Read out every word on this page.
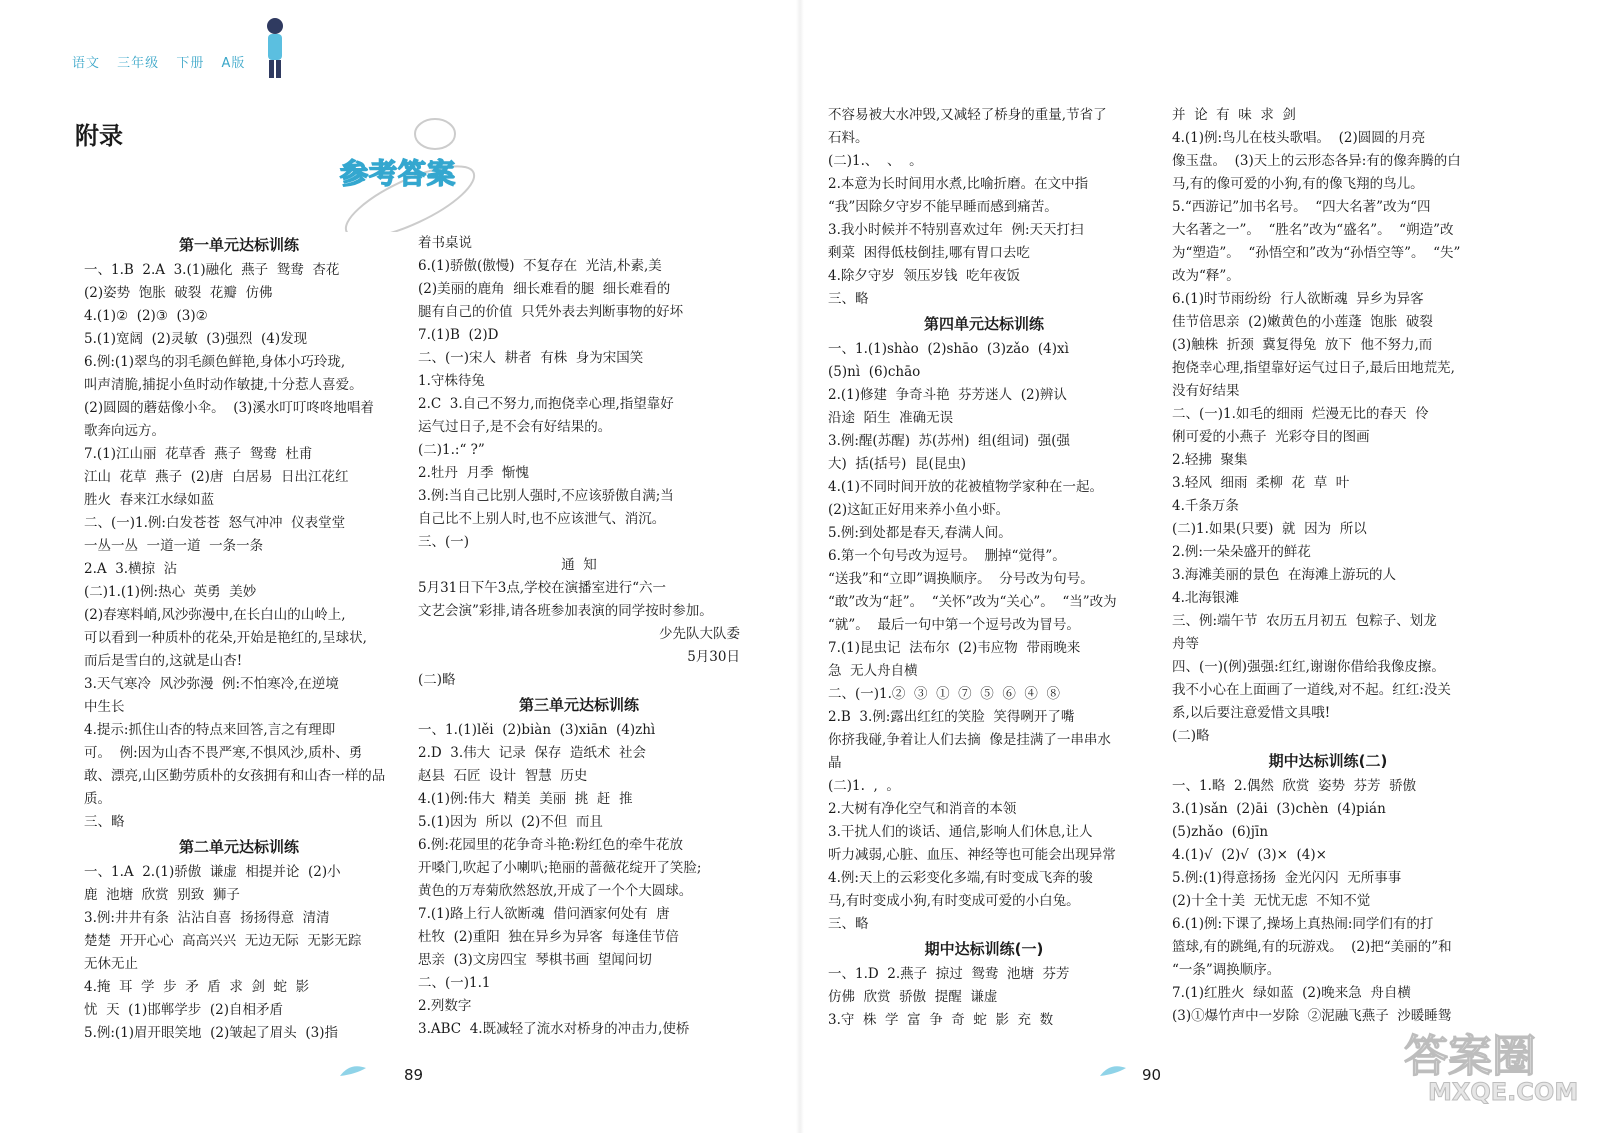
语文 三年级 下册 A版
附录
参考答案
第一单元达标训练

一、1.B  2.A  3.(1)融化  燕子  鸳鸯  杏花

(2)姿势  饱胀  破裂  花瓣  仿佛

4.(1)②  (2)③  (3)②

5.(1)宽阔  (2)灵敏  (3)强烈  (4)发现

6.例:(1)翠鸟的羽毛颜色鲜艳,身体小巧玲珑,

叫声清脆,捕捉小鱼时动作敏捷,十分惹人喜爱。

(2)圆圆的蘑菇像小伞。  (3)溪水叮叮咚咚地唱着

歌奔向远方。

7.(1)江山丽  花草香  燕子  鸳鸯  杜甫

江山  花草  燕子  (2)唐  白居易  日出江花红

胜火  春来江水绿如蓝

二、(一)1.例:白发苍苍  怒气冲冲  仪表堂堂

一丛一丛  一道一道  一条一条

2.A  3.横掠  沾

(二)1.(1)例:热心  英勇  美妙

(2)春寒料峭,风沙弥漫中,在长白山的山岭上,

可以看到一种质朴的花朵,开始是艳红的,呈球状,

而后是雪白的,这就是山杏!

3.天气寒冷  风沙弥漫  例:不怕寒冷,在逆境

中生长

4.提示:抓住山杏的特点来回答,言之有理即

可。  例:因为山杏不畏严寒,不惧风沙,质朴、勇

敢、漂亮,山区勤劳质朴的女孩拥有和山杏一样的品

质。

三、略

第二单元达标训练

一、1.A  2.(1)骄傲  谦虚  相提并论  (2)小

鹿  池塘  欣赏  别致  狮子

3.例:井井有条  沾沾自喜  扬扬得意  清清

楚楚  开开心心  高高兴兴  无边无际  无影无踪

无休无止

4.掩  耳  学  步  矛  盾  求  剑  蛇  影

忧  天  (1)邯郸学步  (2)自相矛盾

5.例:(1)眉开眼笑地  (2)皱起了眉头  (3)指

着书桌说

6.(1)骄傲(傲慢)  不复存在  光洁,朴素,美

(2)美丽的鹿角  细长难看的腿  细长难看的

腿有自己的价值  只凭外表去判断事物的好坏

7.(1)B  (2)D

二、(一)宋人  耕者  有株  身为宋国笑

1.守株待兔

2.C  3.自己不努力,而抱侥幸心理,指望靠好

运气过日子,是不会有好结果的。

(二)1.:“ ?”

2.牡丹  月季  惭愧

3.例:当自己比别人强时,不应该骄傲自满;当

自己比不上别人时,也不应该泄气、消沉。

三、(一)

通  知

5月31日下午3点,学校在演播室进行“六一

文艺会演”彩排,请各班参加表演的同学按时参加。

少先队大队委

5月30日

(二)略

第三单元达标训练

一、1.(1)lěi  (2)biàn  (3)xiān  (4)zhì

2.D  3.伟大  记录  保存  造纸术  社会

赵县  石匠  设计  智慧  历史

4.(1)例:伟大  精美  美丽  挑  赶  推

5.(1)因为  所以  (2)不但  而且

6.例:花园里的花争奇斗艳:粉红色的牵牛花放

开嗓门,吹起了小喇叭;艳丽的蔷薇花绽开了笑脸;

黄色的万寿菊欣然怒放,开成了一个个大圆球。

7.(1)路上行人欲断魂  借问酒家何处有  唐

杜牧  (2)重阳  独在异乡为异客  每逢佳节倍

思亲  (3)文房四宝  琴棋书画  望闻问切

二、(一)1.1

2.列数字

3.ABC  4.既减轻了流水对桥身的冲击力,使桥

89

不容易被大水冲毁,又减轻了桥身的重量,节省了

石料。

(二)1.、  、  。

2.本意为长时间用水煮,比喻折磨。在文中指

“我”因除夕守岁不能早睡而感到痛苦。

3.我小时候并不特别喜欢过年  例:天天打扫

剩菜  困得低枝倒挂,哪有胃口去吃

4.除夕守岁  领压岁钱  吃年夜饭

三、略

第四单元达标训练

一、1.(1)shào  (2)shāo  (3)zǎo  (4)xì

(5)nì  (6)chāo

2.(1)修建  争奇斗艳  芬芳迷人  (2)辨认

沿途  陌生  准确无误

3.例:醒(苏醒)  苏(苏州)  组(组词)  强(强

大)  括(括号)  昆(昆虫)

4.(1)不同时间开放的花被植物学家种在一起。

(2)这缸正好用来养小鱼小虾。

5.例:到处都是春天,春满人间。

6.第一个句号改为逗号。  删掉“觉得”。

“送我”和“立即”调换顺序。  分号改为句号。

“敢”改为“赶”。  “关怀”改为“关心”。  “当”改为

“就”。  最后一句中第一个逗号改为冒号。

7.(1)昆虫记  法布尔  (2)韦应物  带雨晚来

急  无人舟自横

二、(一)1.②  ③  ①  ⑦  ⑤  ⑥  ④  ⑧

2.B  3.例:露出红红的笑脸  笑得咧开了嘴

你挤我碰,争着让人们去摘  像是挂满了一串串水

晶

(二)1.  ,  。

2.大树有净化空气和消音的本领

3.干扰人们的谈话、通信,影响人们休息,让人

听力减弱,心脏、血压、神经等也可能会出现异常

4.例:天上的云彩变化多端,有时变成飞奔的骏

马,有时变成小狗,有时变成可爱的小白兔。

三、略

期中达标训练(一)

一、1.D  2.燕子  掠过  鸳鸯  池塘  芬芳

仿佛  欣赏  骄傲  提醒  谦虚

3.守  株  学  富  争  奇  蛇  影  充  数

并  论  有  味  求  剑

4.(1)例:鸟儿在枝头歌唱。  (2)圆圆的月亮

像玉盘。  (3)天上的云形态各异:有的像奔腾的白

马,有的像可爱的小狗,有的像飞翔的鸟儿。

5.“西游记”加书名号。  “四大名著”改为“四

大名著之一”。  “胜名”改为“盛名”。  “朔造”改

为“塑造”。  “孙悟空和”改为“孙悟空等”。  “失”

改为“释”。

6.(1)时节雨纷纷  行人欲断魂  异乡为异客

佳节倍思亲  (2)嫩黄色的小莲蓬  饱胀  破裂

(3)触株  折颈  冀复得兔  放下  他不努力,而

抱侥幸心理,指望靠好运气过日子,最后田地荒芜,

没有好结果

二、(一)1.如毛的细雨  烂漫无比的春天  伶

俐可爱的小燕子  光彩夺目的图画

2.轻拂  聚集

3.轻风  细雨  柔柳  花  草  叶

4.千条万条

(二)1.如果(只要)  就  因为  所以

2.例:一朵朵盛开的鲜花

3.海滩美丽的景色  在海滩上游玩的人

4.北海银滩

三、例:端午节  农历五月初五  包粽子、划龙

舟等

四、(一)(例)强强:红红,谢谢你借给我像皮擦。

我不小心在上面画了一道线,对不起。红红:没关

系,以后要注意爱惜文具哦!

(二)略

期中达标训练(二)

一、1.略  2.偶然  欣赏  姿势  芬芳  骄傲

3.(1)sǎn  (2)āi  (3)chèn  (4)pián

(5)zhǎo  (6)jīn

4.(1)√  (2)√  (3)×  (4)×

5.例:(1)得意扬扬  金光闪闪  无所事事

(2)十全十美  无忧无虑  不知不觉

6.(1)例:下课了,操场上真热闹:同学们有的打

篮球,有的跳绳,有的玩游戏。  (2)把“美丽的”和

“一条”调换顺序。

7.(1)红胜火  绿如蓝  (2)晚来急  舟自横

(3)①爆竹声中一岁除  ②泥融飞燕子  沙暖睡鸳

90	答案圈
MXQE.COM
